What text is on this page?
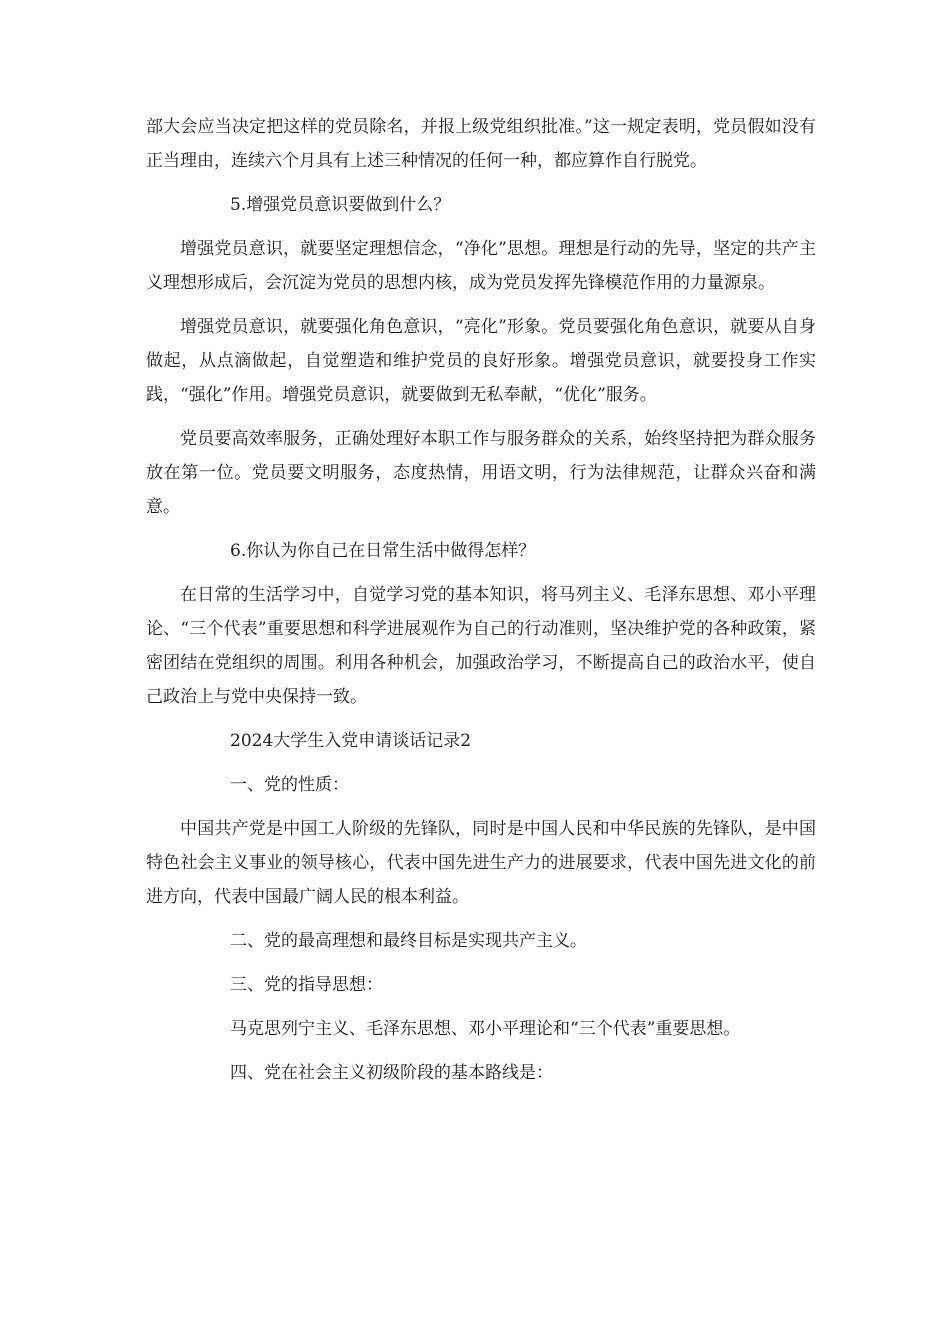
部大会应当决定把这样的党员除名，并报上级党组织批准。”这一规定表明，党员假如没有正当理由，连续六个月具有上述三种情况的任何一种，都应算作自行脱党。

5.增强党员意识要做到什么？

增强党员意识，就要坚定理想信念，“净化”思想。理想是行动的先导，坚定的共产主义理想形成后，会沉淀为党员的思想内核，成为党员发挥先锋模范作用的力量源泉。

增强党员意识，就要强化角色意识，“亮化”形象。党员要强化角色意识，就要从自身做起，从点滴做起，自觉塑造和维护党员的良好形象。增强党员意识，就要投身工作实践，“强化”作用。增强党员意识，就要做到无私奉献，“优化”服务。

党员要高效率服务，正确处理好本职工作与服务群众的关系，始终坚持把为群众服务放在第一位。党员要文明服务，态度热情，用语文明，行为法律规范，让群众兴奋和满意。

6.你认为你自己在日常生活中做得怎样？

在日常的生活学习中，自觉学习党的基本知识，将马列主义、毛泽东思想、邓小平理论、“三个代表”重要思想和科学进展观作为自己的行动准则，坚决维护党的各种政策，紧密团结在党组织的周围。利用各种机会，加强政治学习，不断提高自己的政治水平，使自己政治上与党中央保持一致。

2024大学生入党申请谈话记录2

一、党的性质：

中国共产党是中国工人阶级的先锋队，同时是中国人民和中华民族的先锋队，是中国特色社会主义事业的领导核心，代表中国先进生产力的进展要求，代表中国先进文化的前进方向，代表中国最广阔人民的根本利益。

二、党的最高理想和最终目标是实现共产主义。

三、党的指导思想：

马克思列宁主义、毛泽东思想、邓小平理论和“三个代表”重要思想。

四、党在社会主义初级阶段的基本路线是：
